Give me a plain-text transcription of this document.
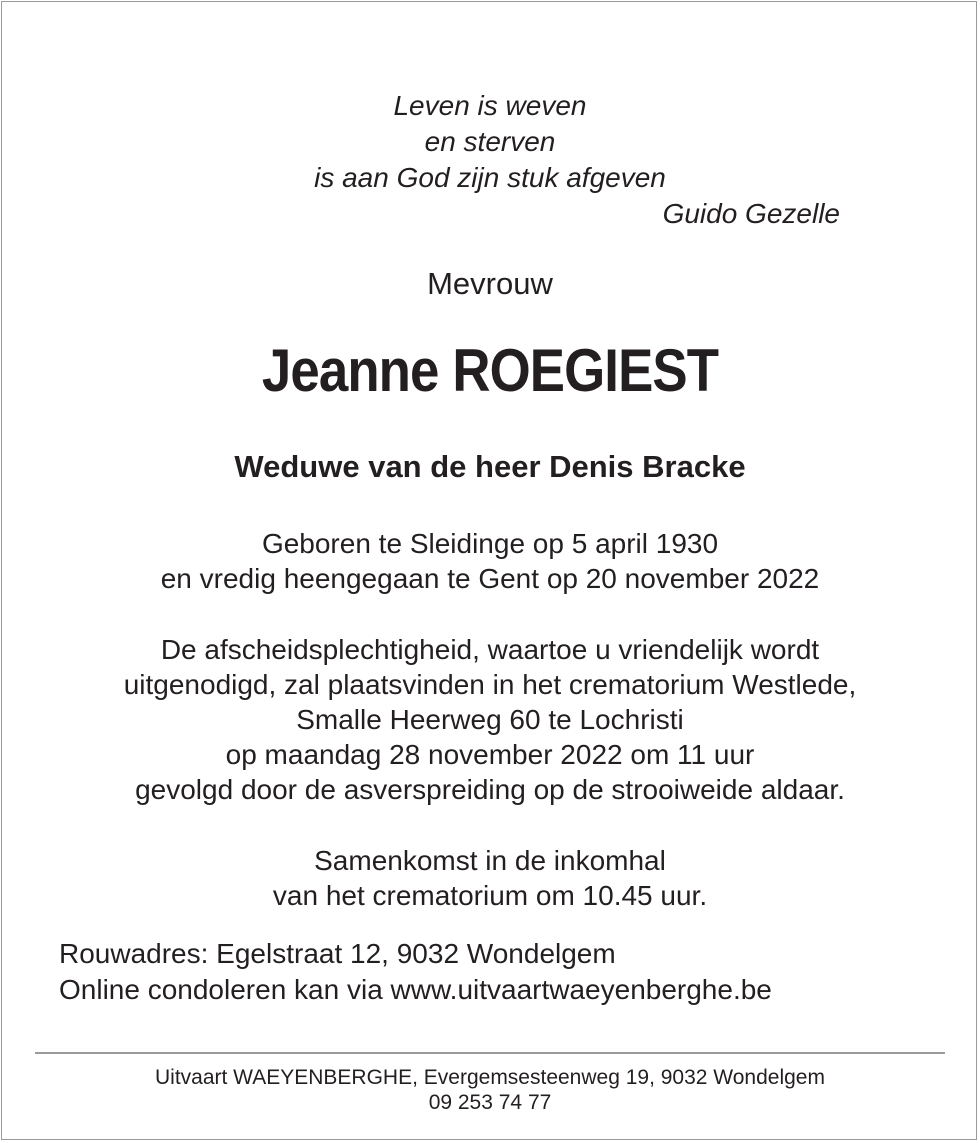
Leven is weven
en sterven
is aan God zijn stuk afgeven
Guido Gezelle
Mevrouw
Jeanne ROEGIEST
Weduwe van de heer Denis Bracke
Geboren te Sleidinge op 5 april 1930
en vredig heengegaan te Gent op 20 november 2022
De afscheidsplechtigheid, waartoe u vriendelijk wordt
uitgenodigd, zal plaatsvinden in het crematorium Westlede,
Smalle Heerweg 60 te Lochristi
op maandag 28 november 2022 om 11 uur
gevolgd door de asverspreiding op de strooiweide aldaar.
Samenkomst in de inkomhal
van het crematorium om 10.45 uur.
Rouwadres: Egelstraat 12, 9032 Wondelgem
Online condoleren kan via www.uitvaartwaeyenberghe.be
Uitvaart WAEYENBERGHE, Evergemsesteenweg 19, 9032 Wondelgem
09 253 74 77
